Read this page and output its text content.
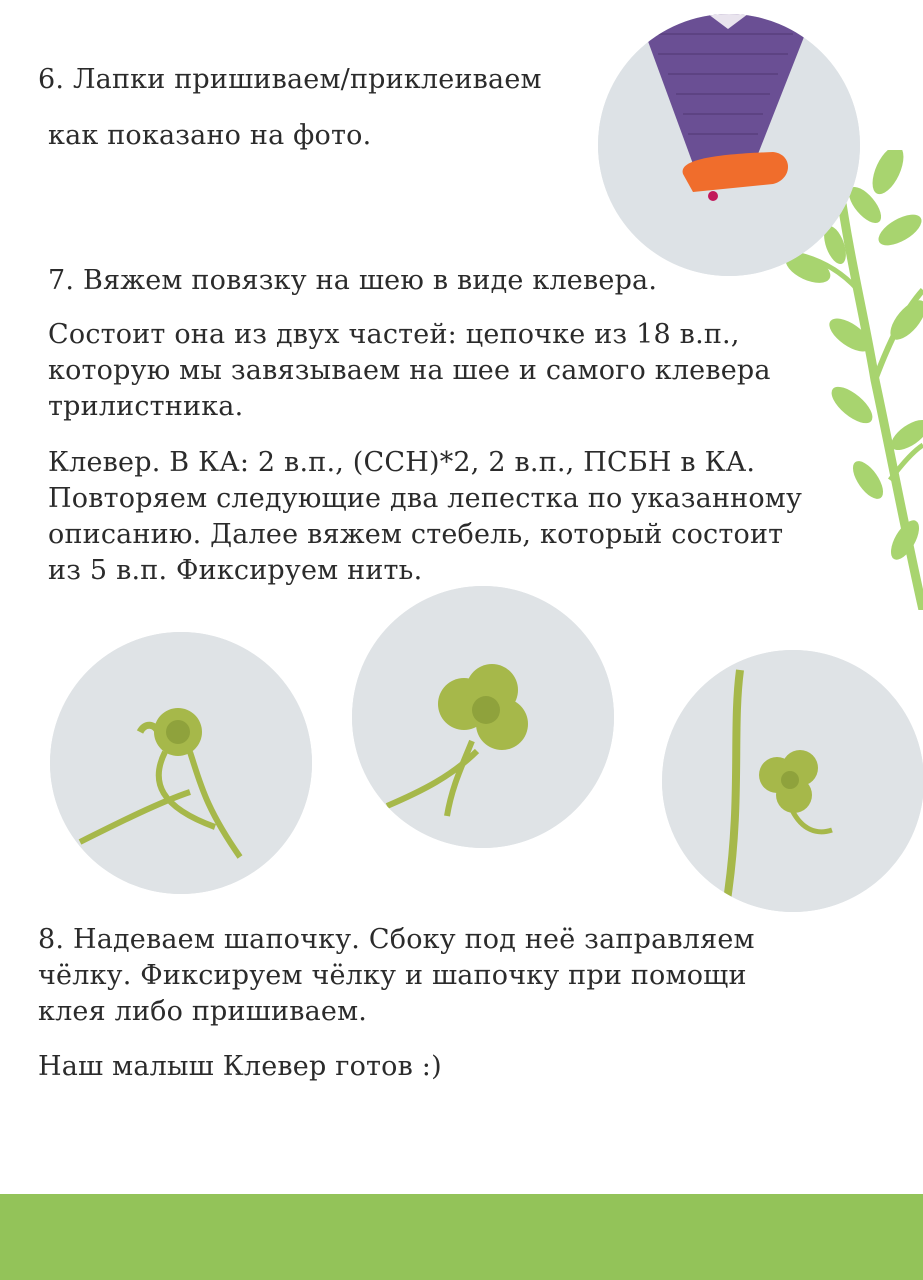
6. Лапки пришиваем/приклеиваем

как показано на фото.

7. Вяжем повязку на шею в виде клевера.

Состоит она из двух частей: цепочке из 18 в.п.,

которую мы завязываем на шее и самого клевера

трилистника.

Клевер. В КА: 2 в.п., (ССН)*2, 2 в.п., ПСБН в КА.

Повторяем следующие два лепестка по указанному

описанию. Далее вяжем стебель, который состоит

из 5 в.п. Фиксируем нить.

8. Надеваем шапочку. Сбоку под неё заправляем

чёлку. Фиксируем чёлку и шапочку при помощи

клея либо пришиваем.

Наш малыш Клевер готов :)
